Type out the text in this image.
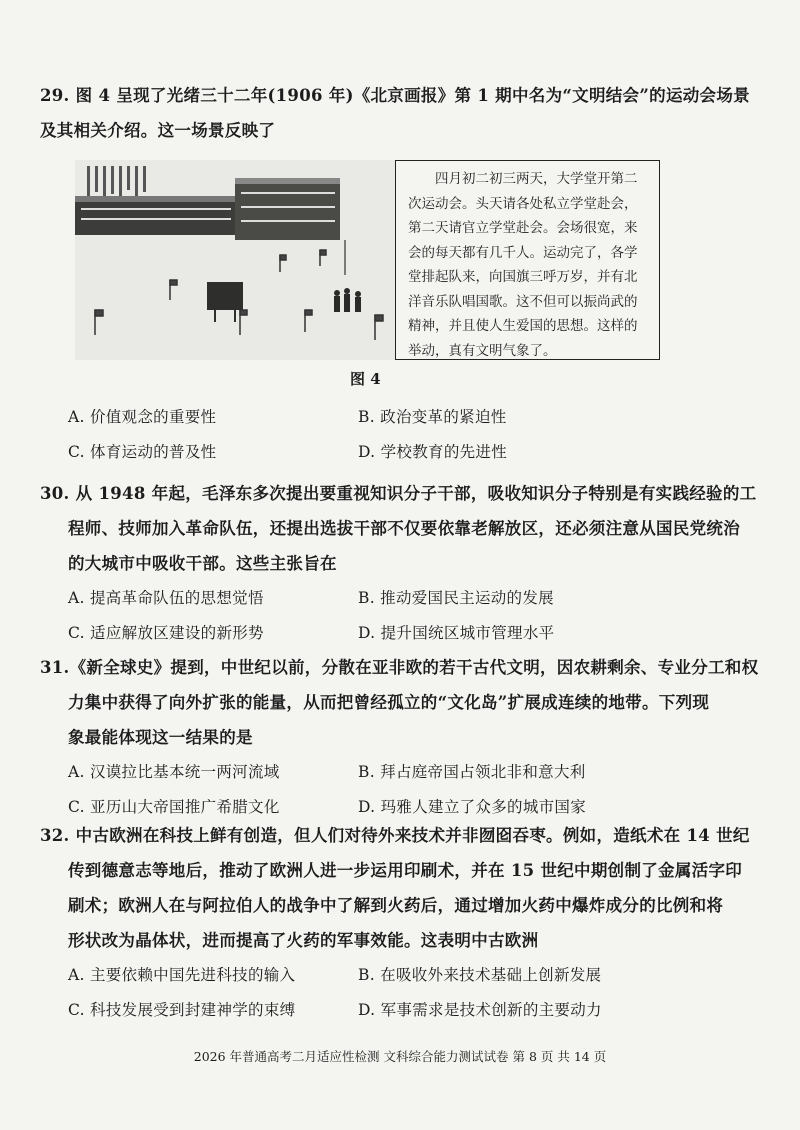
29. 图 4 呈现了光绪三十二年(1906 年)《北京画报》第 1 期中名为“文明结会”的运动会场景

及其相关介绍。这一场景反映了

四月初二初三两天，大学堂开第二次运动会。头天请各处私立学堂赴会，第二天请官立学堂赴会。会场很宽，来会的每天都有几千人。运动完了，各学堂排起队来，向国旗三呼万岁，并有北洋音乐队唱国歌。这不但可以振尚武的精神，并且使人生爱国的思想。这样的举动，真有文明气象了。
图 4
A. 价值观念的重要性	B. 政治变革的紧迫性
C. 体育运动的普及性	D. 学校教育的先进性

30. 从 1948 年起，毛泽东多次提出要重视知识分子干部，吸收知识分子特别是有实践经验的工

程师、技师加入革命队伍，还提出选拔干部不仅要依靠老解放区，还必须注意从国民党统治

的大城市中吸收干部。这些主张旨在

A. 提高革命队伍的思想觉悟	B. 推动爱国民主运动的发展
C. 适应解放区建设的新形势	D. 提升国统区城市管理水平

31.《新全球史》提到，中世纪以前，分散在亚非欧的若干古代文明，因农耕剩余、专业分工和权

力集中获得了向外扩张的能量，从而把曾经孤立的“文化岛”扩展成连续的地带。下列现

象最能体现这一结果的是

A. 汉谟拉比基本统一两河流域	B. 拜占庭帝国占领北非和意大利
C. 亚历山大帝国推广希腊文化	D. 玛雅人建立了众多的城市国家

32. 中古欧洲在科技上鲜有创造，但人们对待外来技术并非囫囵吞枣。例如，造纸术在 14 世纪

传到德意志等地后，推动了欧洲人进一步运用印刷术，并在 15 世纪中期创制了金属活字印

刷术；欧洲人在与阿拉伯人的战争中了解到火药后，通过增加火药中爆炸成分的比例和将

形状改为晶体状，进而提高了火药的军事效能。这表明中古欧洲

A. 主要依赖中国先进科技的输入	B. 在吸收外来技术基础上创新发展
C. 科技发展受到封建神学的束缚	D. 军事需求是技术创新的主要动力
2026 年普通高考二月适应性检测 文科综合能力测试试卷 第 8 页 共 14 页
